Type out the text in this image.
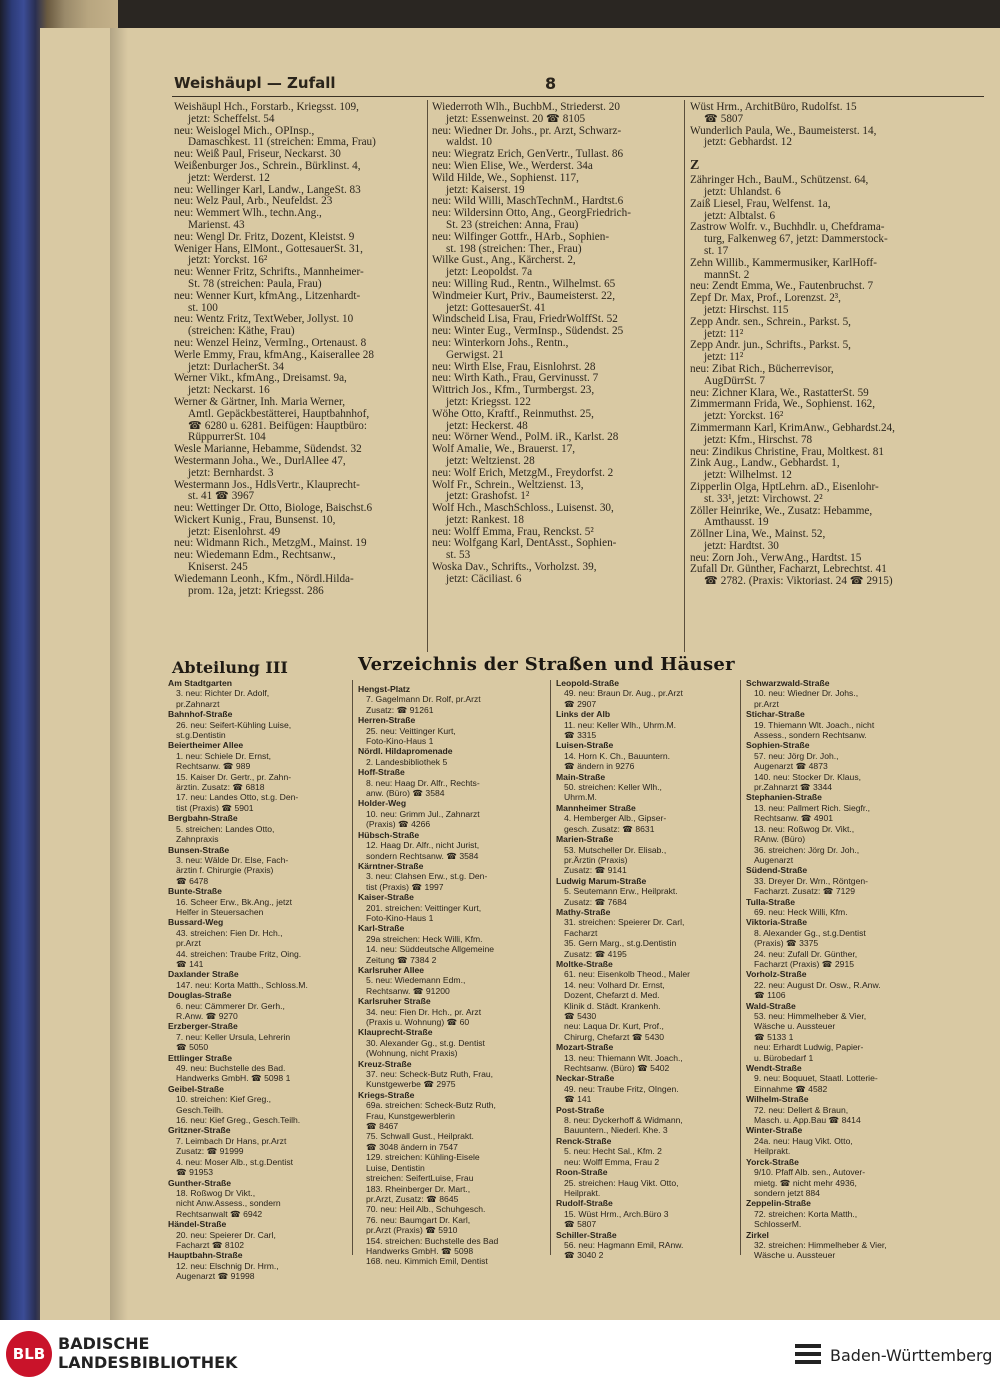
Weishäupl — Zufall	8
Weishäupl Hch., Forstarb., Kriegsst. 109,
jetzt: Scheffelst. 54
neu: Weislogel Mich., OPInsp.,
Damaschkest. 11 (streichen: Emma, Frau)
neu: Weiß Paul, Friseur, Neckarst. 30
Weißenburger Jos., Schrein., Bürklinst. 4,
jetzt: Werderst. 12
neu: Wellinger Karl, Landw., LangeSt. 83
neu: Welz Paul, Arb., Neufeldst. 23
neu: Wemmert Wlh., techn.Ang.,
Marienst. 43
neu: Wengl Dr. Fritz, Dozent, Kleistst. 9
Weniger Hans, ElMont., GottesauerSt. 31,
jetzt: Yorckst. 16²
neu: Wenner Fritz, Schrifts., Mannheimer-
St. 78 (streichen: Paula, Frau)
neu: Wenner Kurt, kfmAng., Litzenhardt-
st. 100
neu: Wentz Fritz, TextWeber, Jollyst. 10
(streichen: Käthe, Frau)
neu: Wenzel Heinz, VermIng., Ortenaust. 8
Werle Emmy, Frau, kfmAng., Kaiserallee 28
jetzt: DurlacherSt. 34
Werner Vikt., kfmAng., Dreisamst. 9a,
jetzt: Neckarst. 16
Werner & Gärtner, Inh. Maria Werner,
Amtl. Gepäckbestätterei, Hauptbahnhof,
☎ 6280 u. 6281. Beifügen: Hauptbüro:
RüppurrerSt. 104
Wesle Marianne, Hebamme, Südendst. 32
Westermann Joha., We., DurlAllee 47,
jetzt: Bernhardst. 3
Westermann Jos., HdlsVertr., Klauprecht-
st. 41 ☎ 3967
neu: Wettinger Dr. Otto, Biologe, Baischst.6
Wickert Kunig., Frau, Bunsenst. 10,
jetzt: Eisenlohrst. 49
neu: Widmann Rich., MetzgM., Mainst. 19
neu: Wiedemann Edm., Rechtsanw.,
Kniserst. 245
Wiedemann Leonh., Kfm., Nördl.Hilda-
prom. 12a, jetzt: Kriegsst. 286
Wiederroth Wlh., BuchbM., Striederst. 20
jetzt: Essenweinst. 20 ☎ 8105
neu: Wiedner Dr. Johs., pr. Arzt, Schwarz-
waldst. 10
neu: Wiegratz Erich, GenVertr., Tullast. 86
neu: Wien Elise, We., Werderst. 34a
Wild Hilde, We., Sophienst. 117,
jetzt: Kaiserst. 19
neu: Wild Willi, MaschTechnM., Hardtst.6
neu: Wildersinn Otto, Ang., GeorgFriedrich-
St. 23 (streichen: Anna, Frau)
neu: Wilfinger Gottfr., HArb., Sophien-
st. 198 (streichen: Ther., Frau)
Wilke Gust., Ang., Kärcherst. 2,
jetzt: Leopoldst. 7a
neu: Willing Rud., Rentn., Wilhelmst. 65
Windmeier Kurt, Priv., Baumeisterst. 22,
jetzt: GottesauerSt. 41
Windscheid Lisa, Frau, FriedrWolffSt. 52
neu: Winter Eug., VermInsp., Südendst. 25
neu: Winterkorn Johs., Rentn.,
Gerwigst. 21
neu: Wirth Else, Frau, Eisnlohrst. 28
neu: Wirth Kath., Frau, Gervinusst. 7
Wittrich Jos., Kfm., Turmbergst. 23,
jetzt: Kriegsst. 122
Wöhe Otto, Kraftf., Reinmuthst. 25,
jetzt: Heckerst. 48
neu: Wörner Wend., PolM. iR., Karlst. 28
Wolf Amalie, We., Brauerst. 17,
jetzt: Weltzienst. 28
neu: Wolf Erich, MetzgM., Freydorfst. 2
Wolf Fr., Schrein., Weltzienst. 13,
jetzt: Grashofst. 1²
Wolf Hch., MaschSchloss., Luisenst. 30,
jetzt: Rankest. 18
neu: Wolff Emma, Frau, Renckst. 5²
neu: Wolfgang Karl, DentAsst., Sophien-
st. 53
Woska Dav., Schrifts., Vorholzst. 39,
jetzt: Cäciliast. 6
Wüst Hrm., ArchitBüro, Rudolfst. 15
☎ 5807
Wunderlich Paula, We., Baumeisterst. 14,
jetzt: Gebhardst. 12
Z
Zähringer Hch., BauM., Schützenst. 64,
jetzt: Uhlandst. 6
Zaiß Liesel, Frau, Welfenst. 1a,
jetzt: Albtalst. 6
Zastrow Wolfr. v., Buchhdlr. u, Chefdrama-
turg, Falkenweg 67, jetzt: Dammerstock-
st. 17
Zehn Willib., Kammermusiker, KarlHoff-
mannSt. 2
neu: Zendt Emma, We., Fautenbruchst. 7
Zepf Dr. Max, Prof., Lorenzst. 2³,
jetzt: Hirschst. 115
Zepp Andr. sen., Schrein., Parkst. 5,
jetzt: 11²
Zepp Andr. jun., Schrifts., Parkst. 5,
jetzt: 11²
neu: Zibat Rich., Bücherrevisor,
AugDürrSt. 7
neu: Zichner Klara, We., RastatterSt. 59
Zimmermann Frida, We., Sophienst. 162,
jetzt: Yorckst. 16²
Zimmermann Karl, KrimAnw., Gebhardst.24,
jetzt: Kfm., Hirschst. 78
neu: Zindikus Christine, Frau, Moltkest. 81
Zink Aug., Landw., Gebhardst. 1,
jetzt: Wilhelmst. 12
Zipperlin Olga, HptLehrn. aD., Eisenlohr-
st. 33¹, jetzt: Virchowst. 2²
Zöller Heinrike, We., Zusatz: Hebamme,
Amthausst. 19
Zöllner Lina, We., Mainst. 52,
jetzt: Hardtst. 30
neu: Zorn Joh., VerwAng., Hardtst. 15
Zufall Dr. Günther, Facharzt, Lebrechtst. 41
☎ 2782. (Praxis: Viktoriast. 24 ☎ 2915)
Abteilung III	Verzeichnis der Straßen und Häuser
Am Stadtgarten
3. neu: Richter Dr. Adolf,
pr.Zahnarzt
Bahnhof-Straße
26. neu: Seifert-Kühling Luise,
st.g.Dentistin
Beiertheimer Allee
1. neu: Schiele Dr. Ernst,
Rechtsanw. ☎ 989
15. Kaiser Dr. Gertr., pr. Zahn-
ärztin. Zusatz: ☎ 6818
17. neu: Landes Otto, st.g. Den-
tist (Praxis) ☎ 5901
Bergbahn-Straße
5. streichen: Landes Otto,
Zahnpraxis
Bunsen-Straße
3. neu: Wälde Dr. Else, Fach-
ärztin f. Chirurgie (Praxis)
☎ 6478
Bunte-Straße
16. Scheer Erw., Bk.Ang., jetzt
Helfer in Steuersachen
Bussard-Weg
43. streichen: Fien Dr. Hch.,
pr.Arzt
44. streichen: Traube Fritz, Oing.
☎ 141
Daxlander Straße
147. neu: Korta Matth., Schloss.M.
Douglas-Straße
6. neu: Cämmerer Dr. Gerh.,
R.Anw. ☎ 9270
Erzberger-Straße
7. neu: Keller Ursula, Lehrerin
☎ 5050
Ettlinger Straße
49. neu: Buchstelle des Bad.
Handwerks GmbH. ☎ 5098 1
Geibel-Straße
10. streichen: Kief Greg.,
Gesch.Teilh.
16. neu: Kief Greg., Gesch.Teilh.
Gritzner-Straße
7. Leimbach Dr Hans, pr.Arzt
Zusatz: ☎ 91999
4. neu: Moser Alb., st.g.Dentist
☎ 91953
Gunther-Straße
18. Roßwog Dr Vikt.,
nicht Anw.Assess., sondern
Rechtsanwalt ☎ 6942
Händel-Straße
20. neu: Speierer Dr. Carl,
Facharzt ☎ 8102
Hauptbahn-Straße
12. neu: Elschnig Dr. Hrm.,
Augenarzt ☎ 91998
Hengst-Platz
7. Gagelmann Dr. Rolf, pr.Arzt
Zusatz: ☎ 91261
Herren-Straße
25. neu: Veittinger Kurt,
Foto-Kino-Haus 1
Nördl. Hildapromenade
2. Landesbibliothek 5
Hoff-Straße
8. neu: Haag Dr. Alfr., Rechts-
anw. (Büro) ☎ 3584
Holder-Weg
10. neu: Grimm Jul., Zahnarzt
(Praxis) ☎ 4266
Hübsch-Straße
12. Haag Dr. Alfr., nicht Jurist,
sondern Rechtsanw. ☎ 3584
Kärntner-Straße
3. neu: Clahsen Erw., st.g. Den-
tist (Praxis) ☎ 1997
Kaiser-Straße
201. streichen: Veittinger Kurt,
Foto-Kino-Haus 1
Karl-Straße
29a streichen: Heck Willi, Kfm.
14. neu: Süddeutsche Allgemeine
Zeitung ☎ 7384 2
Karlsruher Allee
5. neu: Wiedemann Edm.,
Rechtsanw. ☎ 91200
Karlsruher Straße
34. neu: Fien Dr. Hch., pr. Arzt
(Praxis u. Wohnung) ☎ 60
Klauprecht-Straße
30. Alexander Gg., st.g. Dentist
(Wohnung, nicht Praxis)
Kreuz-Straße
37. neu: Scheck-Butz Ruth, Frau,
Kunstgewerbe ☎ 2975
Kriegs-Straße
69a. streichen: Scheck-Butz Ruth,
Frau, Kunstgewerblerin
☎ 8467
75. Schwall Gust., Heilprakt.
☎ 3048 ändern in 7547
129. streichen: Kühling-Eisele
Luise, Dentistin
streichen: SeifertLuise, Frau
183. Rheinberger Dr. Mart.,
pr.Arzt, Zusatz: ☎ 8645
70. neu: Heil Alb., Schuhgesch.
76. neu: Baumgart Dr. Karl,
pr.Arzt (Praxis) ☎ 5910
154. streichen: Buchstelle des Bad
Handwerks GmbH. ☎ 5098
168. neu. Kimmich Emil, Dentist
Leopold-Straße
49. neu: Braun Dr. Aug., pr.Arzt
☎ 2907
Links der Alb
11. neu: Keller Wlh., Uhrm.M.
☎ 3315
Luisen-Straße
14. Horn K. Ch., Bauuntern.
☎ ändern in 9276
Main-Straße
50. streichen: Keller Wlh.,
Uhrm.M.
Mannheimer Straße
4. Hemberger Alb., Gipser-
gesch. Zusatz: ☎ 8631
Marien-Straße
53. Mutscheller Dr. Elisab.,
pr.Ärztin (Praxis)
Zusatz: ☎ 9141
Ludwig Marum-Straße
5. Seutemann Erw., Heilprakt.
Zusatz: ☎ 7684
Mathy-Straße
31. streichen: Speierer Dr. Carl,
Facharzt
35. Gern Marg., st.g.Dentistin
Zusatz: ☎ 4195
Moltke-Straße
61. neu: Eisenkolb Theod., Maler
14. neu: Volhard Dr. Ernst,
Dozent, Chefarzt d. Med.
Klinik d. Städt. Krankenh.
☎ 5430
neu: Laqua Dr. Kurt, Prof.,
Chirurg, Chefarzt ☎ 5430
Mozart-Straße
13. neu: Thiemann Wlt. Joach.,
Rechtsanw. (Büro) ☎ 5402
Neckar-Straße
49. neu: Traube Fritz, OIngen.
☎ 141
Post-Straße
8. neu: Dyckerhoff & Widmann,
Bauuntern., Niederl. Khe. 3
Renck-Straße
5. neu: Hecht Sal., Kfm. 2
neu: Wolff Emma, Frau 2
Roon-Straße
25. streichen: Haug Vikt. Otto,
Heilprakt.
Rudolf-Straße
15. Wüst Hrm., Arch.Büro 3
☎ 5807
Schiller-Straße
56. neu: Hagmann Emil, RAnw.
☎ 3040 2
Schwarzwald-Straße
10. neu: Wiedner Dr. Johs.,
pr.Arzt
Stichar-Straße
19. Thiemann Wlt. Joach., nicht
Assess., sondern Rechtsanw.
Sophien-Straße
57. neu: Jörg Dr. Joh.,
Augenarzt ☎ 4873
140. neu: Stocker Dr. Klaus,
pr.Zahnarzt ☎ 3344
Stephanien-Straße
13. neu: Pallmert Rich. Siegfr.,
Rechtsanw. ☎ 4901
13. neu: Roßwog Dr. Vikt.,
RAnw. (Büro)
36. streichen: Jörg Dr. Joh.,
Augenarzt
Südend-Straße
33. Dreyer Dr. Wrn., Röntgen-
Facharzt. Zusatz: ☎ 7129
Tulla-Straße
69. neu: Heck Willi, Kfm.
Viktoria-Straße
8. Alexander Gg., st.g.Dentist
(Praxis) ☎ 3375
24. neu: Zufall Dr. Günther,
Facharzt (Praxis) ☎ 2915
Vorholz-Straße
22. neu: August Dr. Osw., R.Anw.
☎ 1106
Wald-Straße
53. neu: Himmelheber & Vier,
Wäsche u. Aussteuer
☎ 5133 1
neu: Erhardt Ludwig, Papier-
u. Bürobedarf 1
Wendt-Straße
9. neu: Boquuet, Staatl. Lotterie-
Einnahme ☎ 4582
Wilhelm-Straße
72. neu: Dellert & Braun,
Masch. u. App.Bau ☎ 8414
Winter-Straße
24a. neu: Haug Vikt. Otto,
Heilprakt.
Yorck-Straße
9/10. Pfaff Alb. sen., Autover-
mietg. ☎ nicht mehr 4936,
sondern jetzt 884
Zeppelin-Straße
72. streichen: Korta Matth.,
SchlosserM.
Zirkel
32. streichen: Himmelheber & Vier,
Wäsche u. Aussteuer
BLB
BADISCHE
LANDESBIBLIOTHEK	Baden-Württemberg
